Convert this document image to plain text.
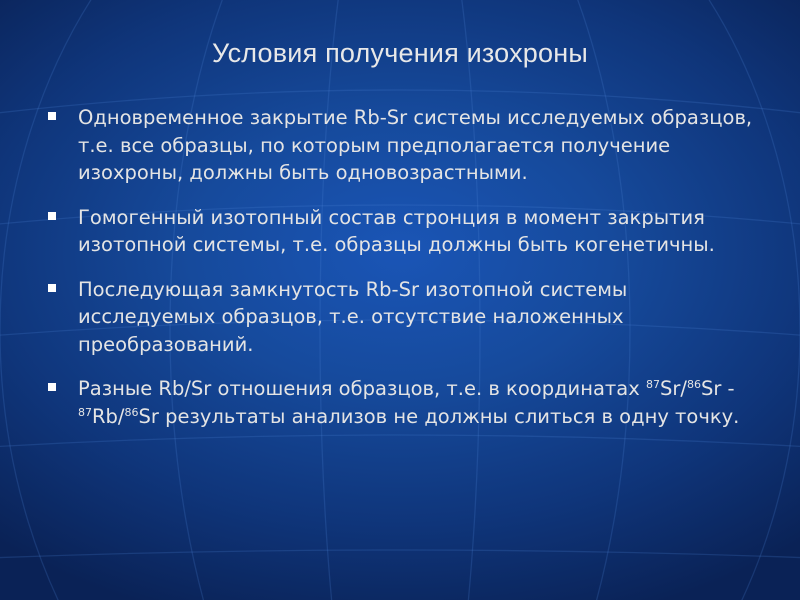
Условия получения изохроны
Одновременное закрытие Rb-Sr системы исследуемых образцов, т.е. все образцы, по которым предполагается получение изохроны, должны быть одновозрастными.
Гомогенный изотопный состав стронция в момент закрытия изотопной системы, т.е. образцы должны быть когенетичны.
Последующая замкнутость Rb-Sr изотопной системы исследуемых образцов, т.е. отсутствие наложенных преобразований.
Разные Rb/Sr отношения образцов, т.е. в координатах $^{87}$Sr/$^{86}$Sr - $^{87}$Rb/$^{86}$Sr результаты анализов не должны слиться в одну точку.
